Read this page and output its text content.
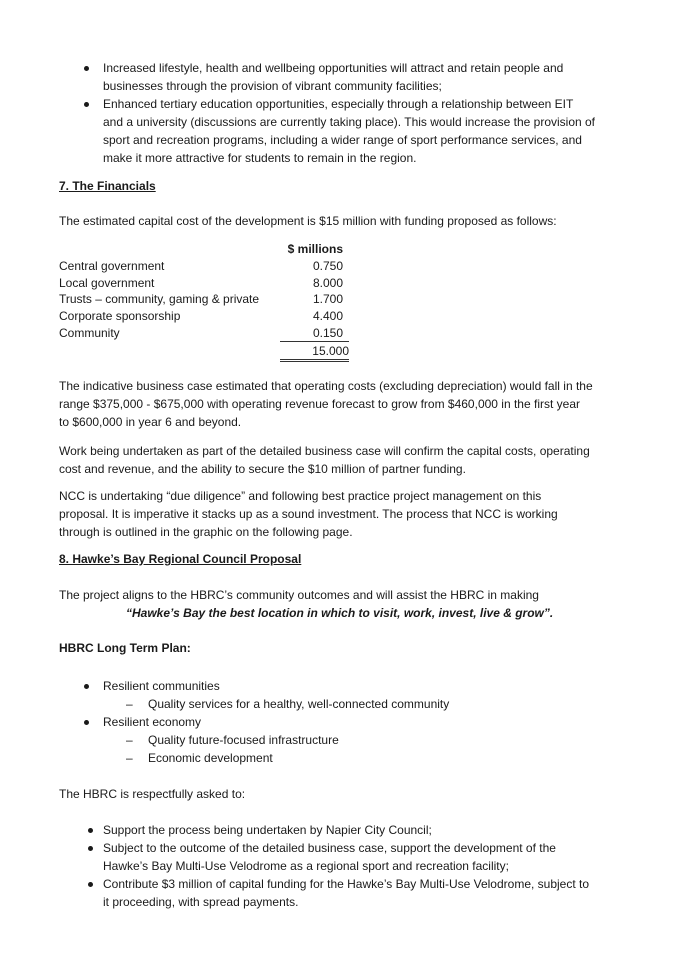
Increased lifestyle, health and wellbeing opportunities will attract and retain people and
businesses through the provision of vibrant community facilities;

Enhanced tertiary education opportunities, especially through a relationship between EIT
and a university (discussions are currently taking place). This would increase the provision of
sport and recreation programs, including a wider range of sport performance services, and
make it more attractive for students to remain in the region.

7. The Financials
The estimated capital cost of the development is $15 million with funding proposed as follows:
$ millions
Central government	0.750
Local government	8.000
Trusts – community, gaming & private	1.700
Corporate sponsorship	4.400
Community	0.150
15.000

The indicative business case estimated that operating costs (excluding depreciation) would fall in the
range $375,000 - $675,000 with operating revenue forecast to grow from $460,000 in the first year
to $600,000 in year 6 and beyond.

Work being undertaken as part of the detailed business case will confirm the capital costs, operating
cost and revenue, and the ability to secure the $10 million of partner funding.

NCC is undertaking “due diligence” and following best practice project management on this
proposal. It is imperative it stacks up as a sound investment. The process that NCC is working
through is outlined in the graphic on the following page.

8. Hawke’s Bay Regional Council Proposal
The project aligns to the HBRC’s community outcomes and will assist the HBRC in making
“Hawke’s Bay the best location in which to visit, work, invest, live & grow”.
HBRC Long Term Plan:
Resilient communities
– Quality services for a healthy, well-connected community
Resilient economy
– Quality future-focused infrastructure
– Economic development
The HBRC is respectfully asked to:
Support the process being undertaken by Napier City Council;

Subject to the outcome of the detailed business case, support the development of the
Hawke’s Bay Multi-Use Velodrome as a regional sport and recreation facility;

Contribute $3 million of capital funding for the Hawke’s Bay Multi-Use Velodrome, subject to
it proceeding, with spread payments.
